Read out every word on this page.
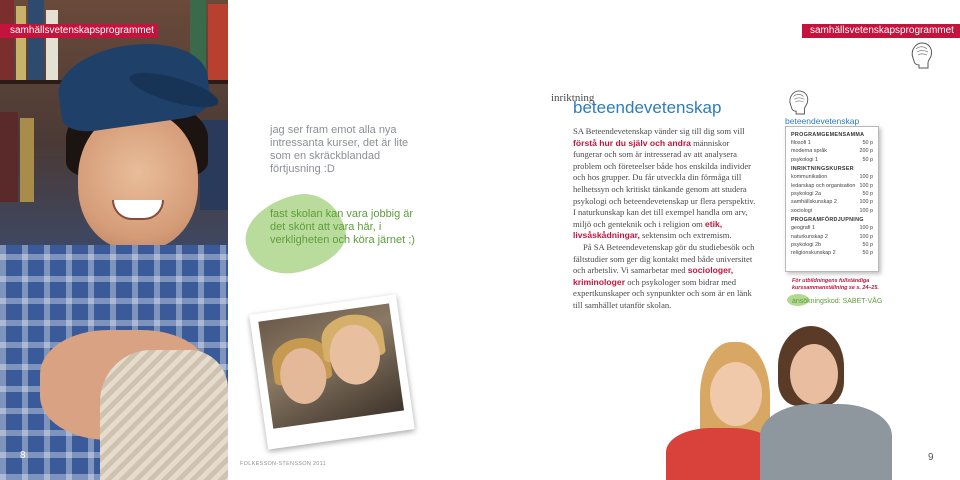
samhällsvetenskapsprogrammet
jag ser fram emot alla nya intressanta kurser, det är lite som en skräckblandad förtjusning :D
fast skolan kan vara jobbig är det skönt att vara här, i verkligheten och köra järnet ;)
8
FOLKESSON-STENSSON 2011
samhällsvetenskapsprogrammet
inriktning
beteendevetenskap

SA Beteendevetenskap vänder sig till dig som vill förstå hur du själv och andra människor fungerar och som är intresserad av att analysera problem och företeelser både hos enskilda individer och hos grupper. Du får utveckla din förmåga till helhetssyn och kritiskt tänkande genom att studera psykologi och beteendevetenskap ur flera perspektiv. I naturkunskap kan det till exempel handla om arv, miljö och genteknik och i religion om etik, livsåskådningar, sektensim och extremism.

På SA Beteendevetenskap gör du studiebesök och fältstudier som ger dig kontakt med både universitet och arbetsliv. Vi samarbetar med sociologer, kriminologer och psykologer som bidrar med expertkunskaper och synpunkter och som är en länk till samhället utanför skolan.

beteendevetenskap
PROGRAMGEMENSAMMA
filosofi 1	50 p
moderna språk	200 p
psykologi 1	50 p
INRIKTNINGSKURSER
kommunikation	100 p
ledarskap och organisation 100 p
psykologi 2a	50 p
samhällskunskap 2	100 p
sociologi	100 p
PROGRAMFÖRDJUPNING
geografi 1	100 p
naturkunskap 2	100 p
psykologi 2b	50 p
religionskunskap 2	50 p
För utbildningens fullständiga kurssammanställning se s. 24–25.
ansökningskod: SABET-VÅG
9
